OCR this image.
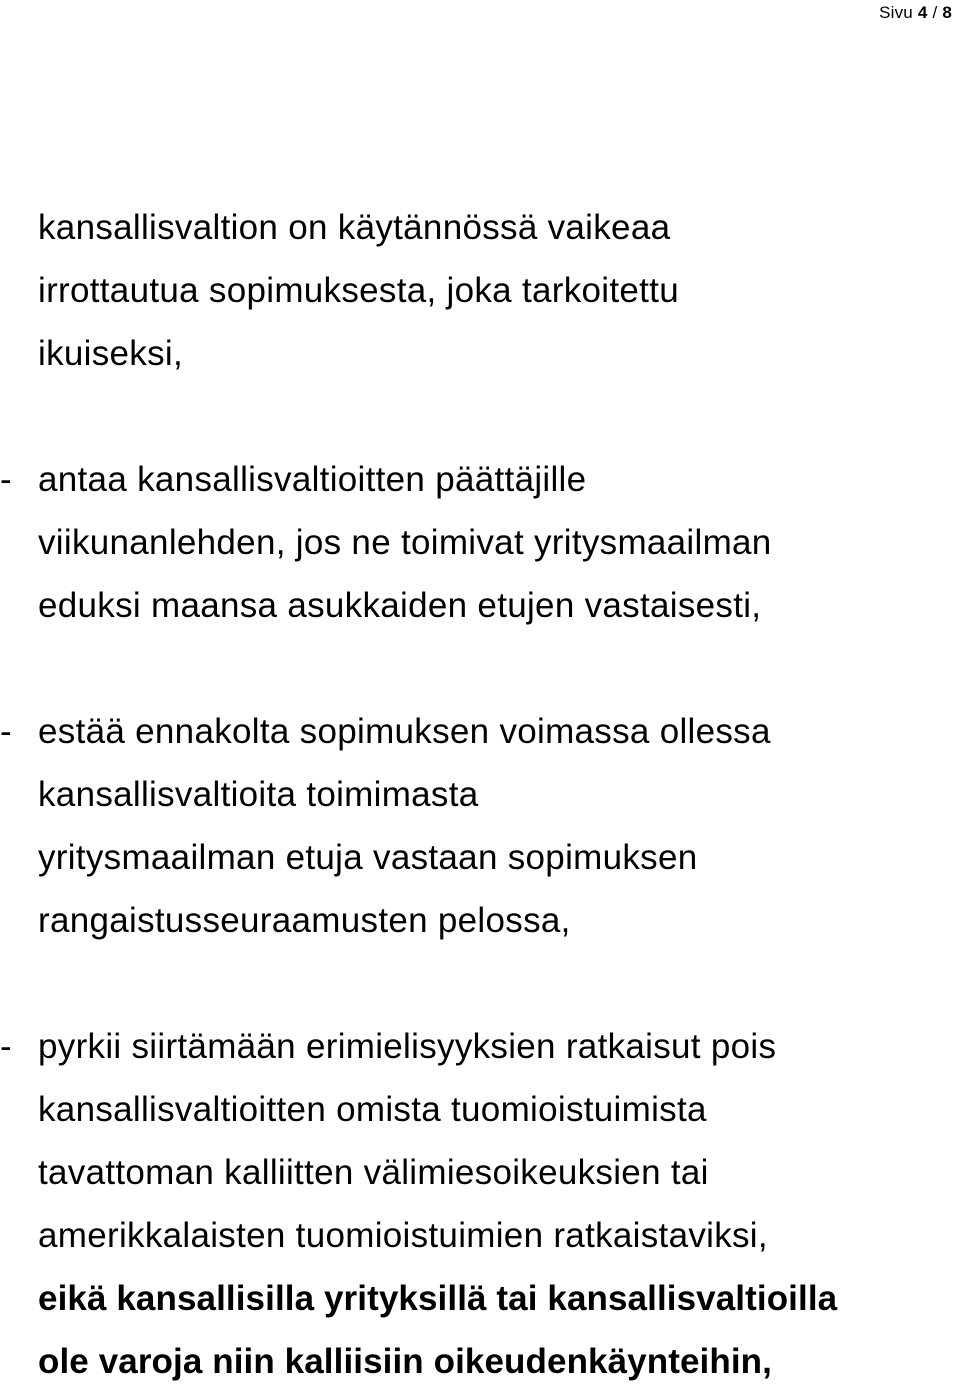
Sivu 4 / 8
kansallisvaltion on käytännössä vaikeaa
irrottautua sopimuksesta, joka tarkoitettu
ikuiseksi,
- antaa kansallisvaltioitten päättäjille
viikunanlehden, jos ne toimivat yritysmaailman
eduksi maansa asukkaiden etujen vastaisesti,
- estää ennakolta sopimuksen voimassa ollessa
kansallisvaltioita toimimasta
yritysmaailman etuja vastaan sopimuksen
rangaistusseuraamusten pelossa,
- pyrkii siirtämään erimielisyyksien ratkaisut pois
kansallisvaltioitten omista tuomioistuimista
tavattoman kalliitten välimiesoikeuksien tai
amerikkalaisten tuomioistuimien ratkaistaviksi,
eikä kansallisilla yrityksillä tai kansallisvaltioilla
ole varoja niin kalliisiin oikeudenkäynteihin,
